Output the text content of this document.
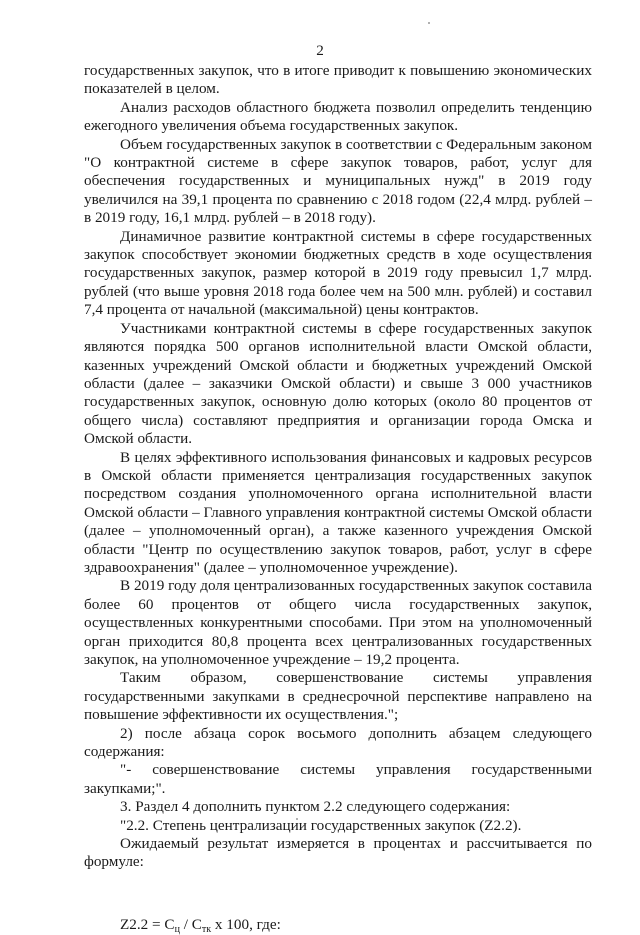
2

государственных закупок, что в итоге приводит к повышению экономических показателей в целом.

Анализ расходов областного бюджета позволил определить тенденцию ежегодного увеличения объема государственных закупок.

Объем государственных закупок в соответствии с Федеральным законом "О контрактной системе в сфере закупок товаров, работ, услуг для обеспечения государственных и муниципальных нужд" в 2019 году увеличился на 39,1 процента по сравнению с 2018 годом (22,4 млрд. рублей – в 2019 году, 16,1 млрд. рублей – в 2018 году).

Динамичное развитие контрактной системы в сфере государственных закупок способствует экономии бюджетных средств в ходе осуществления государственных закупок, размер которой в 2019 году превысил 1,7 млрд. рублей (что выше уровня 2018 года более чем на 500 млн. рублей) и составил 7,4 процента от начальной (максимальной) цены контрактов.

Участниками контрактной системы в сфере государственных закупок являются порядка 500 органов исполнительной власти Омской области, казенных учреждений Омской области и бюджетных учреждений Омской области (далее – заказчики Омской области) и свыше 3 000 участников государственных закупок, основную долю которых (около 80 процентов от общего числа) составляют предприятия и организации города Омска и Омской области.

В целях эффективного использования финансовых и кадровых ресурсов в Омской области применяется централизация государственных закупок посредством создания уполномоченного органа исполнительной власти Омской области – Главного управления контрактной системы Омской области (далее – уполномоченный орган), а также казенного учреждения Омской области "Центр по осуществлению закупок товаров, работ, услуг в сфере здравоохранения" (далее – уполномоченное учреждение).

В 2019 году доля централизованных государственных закупок составила более 60 процентов от общего числа государственных закупок, осуществленных конкурентными способами. При этом на уполномоченный орган приходится 80,8 процента всех централизованных государственных закупок, на уполномоченное учреждение – 19,2 процента.

Таким образом, совершенствование системы управления государственными закупками в среднесрочной перспективе направлено на повышение эффективности их осуществления.";

2) после абзаца сорок восьмого дополнить абзацем следующего содержания:

"- совершенствование системы управления государственными закупками;".

3. Раздел 4 дополнить пунктом 2.2 следующего содержания:

"2.2. Степень централизации государственных закупок (Z2.2).

Ожидаемый результат измеряется в процентах и рассчитывается по формуле:

$Z2.2 = C_ц / C_{тк}$ х 100, где:
